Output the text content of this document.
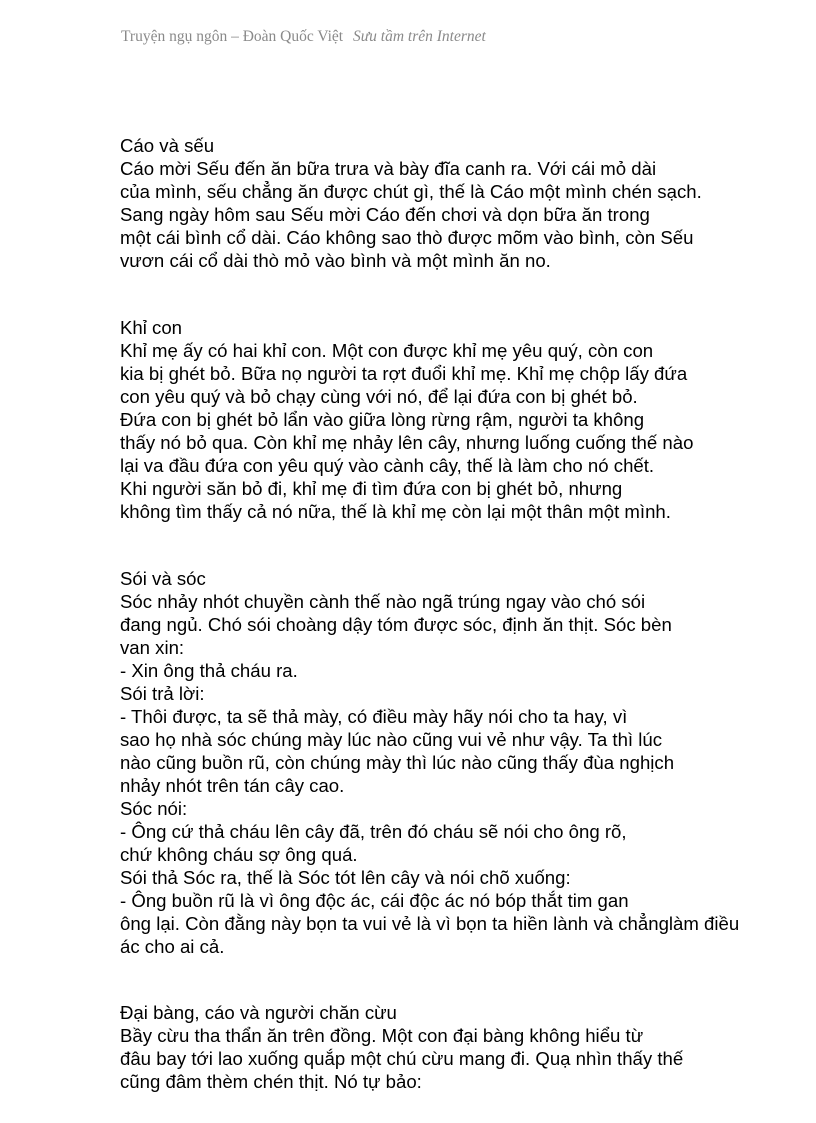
Truyện ngụ ngôn – Đoàn Quốc Việt Sưu tầm trên Internet
Cáo và sếu
Cáo mời Sếu đến ăn bữa trưa và bày đĩa canh ra. Với cái mỏ dài
của mình, sếu chẳng ăn được chút gì, thế là Cáo một mình chén sạch.
Sang ngày hôm sau Sếu mời Cáo đến chơi và dọn bữa ăn trong
một cái bình cổ dài. Cáo không sao thò được mõm vào bình, còn Sếu
vươn cái cổ dài thò mỏ vào bình và một mình ăn no.
Khỉ con
Khỉ mẹ ấy có hai khỉ con. Một con được khỉ mẹ yêu quý, còn con
kia bị ghét bỏ. Bữa nọ người ta rợt đuổi khỉ mẹ. Khỉ mẹ chộp lấy đứa
con yêu quý và bỏ chạy cùng với nó, để lại đứa con bị ghét bỏ.
Đứa con bị ghét bỏ lẩn vào giữa lòng rừng rậm, người ta không
thấy nó bỏ qua. Còn khỉ mẹ nhảy lên cây, nhưng luống cuống thế nào
lại va đầu đứa con yêu quý vào cành cây, thế là làm cho nó chết.
Khi người săn bỏ đi, khỉ mẹ đi tìm đứa con bị ghét bỏ, nhưng
không tìm thấy cả nó nữa, thế là khỉ mẹ còn lại một thân một mình.
Sói và sóc
Sóc nhảy nhót chuyền cành thế nào ngã trúng ngay vào chó sói
đang ngủ. Chó sói choàng dậy tóm được sóc, định ăn thịt. Sóc bèn
van xin:
- Xin ông thả cháu ra.
Sói trả lời:
- Thôi được, ta sẽ thả mày, có điều mày hãy nói cho ta hay, vì
sao họ nhà sóc chúng mày lúc nào cũng vui vẻ như vậy. Ta thì lúc
nào cũng buồn rũ, còn chúng mày thì lúc nào cũng thấy đùa nghịch
nhảy nhót trên tán cây cao.
Sóc nói:
- Ông cứ thả cháu lên cây đã, trên đó cháu sẽ nói cho ông rõ,
chứ không cháu sợ ông quá.
Sói thả Sóc ra, thế là Sóc tót lên cây và nói chõ xuống:
- Ông buồn rũ là vì ông độc ác, cái độc ác nó bóp thắt tim gan
ông lại. Còn đằng này bọn ta vui vẻ là vì bọn ta hiền lành và chẳnglàm điều
ác cho ai cả.
Đại bàng, cáo và người chăn cừu
Bầy cừu tha thẩn ăn trên đồng. Một con đại bàng không hiểu từ
đâu bay tới lao xuống quắp một chú cừu mang đi. Quạ nhìn thấy thế
cũng đâm thèm chén thịt. Nó tự bảo:
